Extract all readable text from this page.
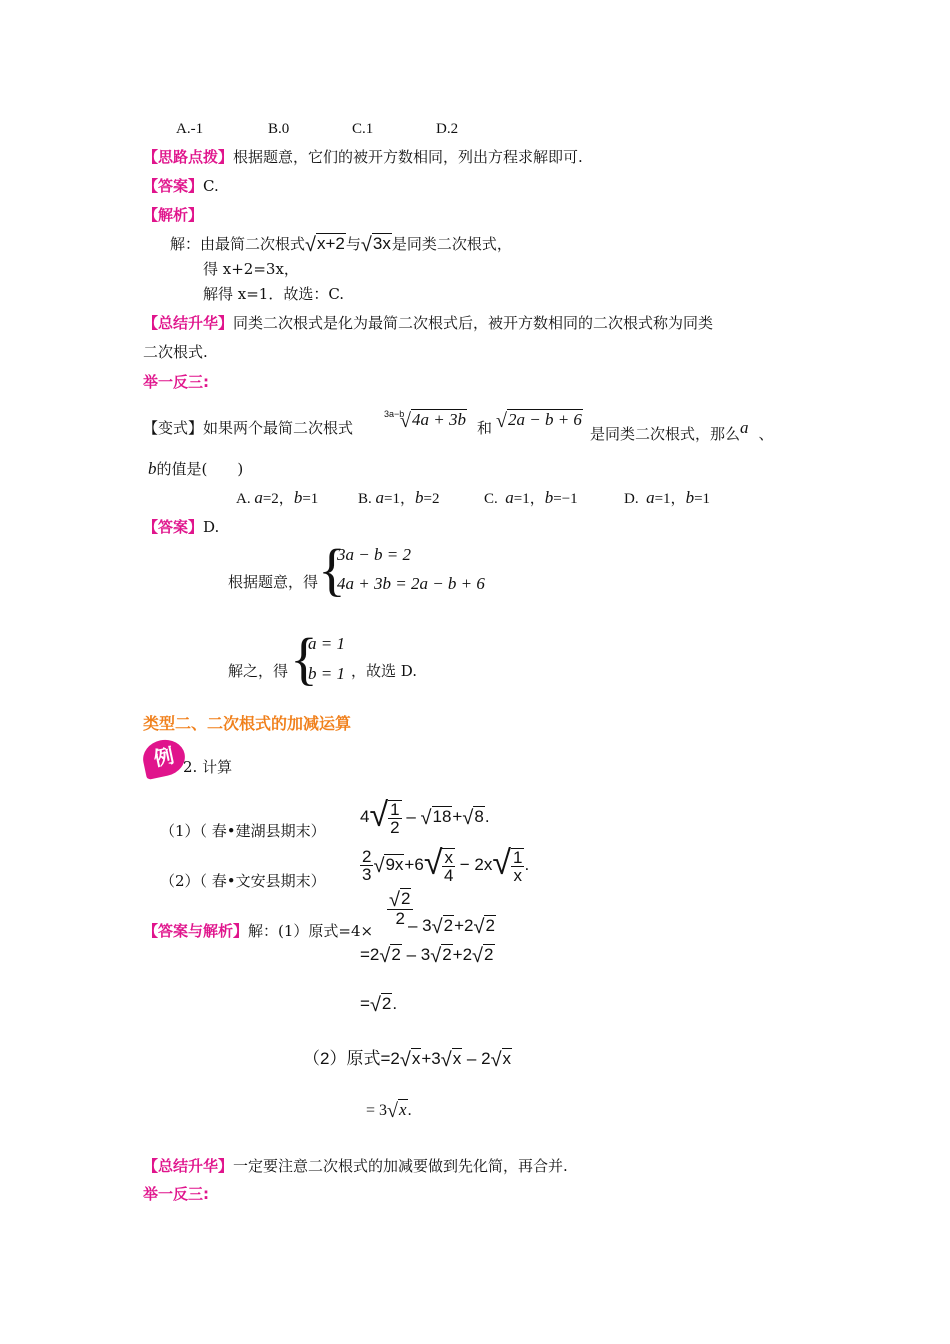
A.-1	B.0	C.1	D.2
【思路点拨】根据题意，它们的被开方数相同，列出方程求解即可.
【答案】C.
【解析】
解：由最简二次根式√x+2与√3x是同类二次根式，
得 x+2=3x，
解得 x=1．故选：C.
【总结升华】同类二次根式是化为最简二次根式后，被开方数相同的二次根式称为同类
二次根式.
举一反三:
【变式】如果两个最简二次根式
3a−b
√4a + 3b 和 √2a − b + 6
是同类二次根式，那么a 、
b的值是(　　)
A. a=2，b=1	B. a=1，b=2	C. a=1，b=−1	D. a=1，b=1
【答案】D.
根据题意，得 {
3a − b = 2
4a + 3b = 2a − b + 6
解之，得 {
a = 1
b = 1 ，故选 D.
类型二、二次根式的加减运算
例 2. 计算
（1）（ 春•建湖县期末）
$4√ \frac{1}{2} - √18+√8$.
（2）（ 春•文安县期末） $\frac{2}{3} √9x+6√ \frac{x}{4} - 2x√ \frac{1}{x}$ .
【答案与解析】解：(1）原式=4×
$\frac{√2}{2}$
– 3√2+2√2
=2√2 – 3√2+2√2
=√2.
（2）原式=2√x+3√x – 2√x
= 3√x.
【总结升华】一定要注意二次根式的加减要做到先化简，再合并.
举一反三:
